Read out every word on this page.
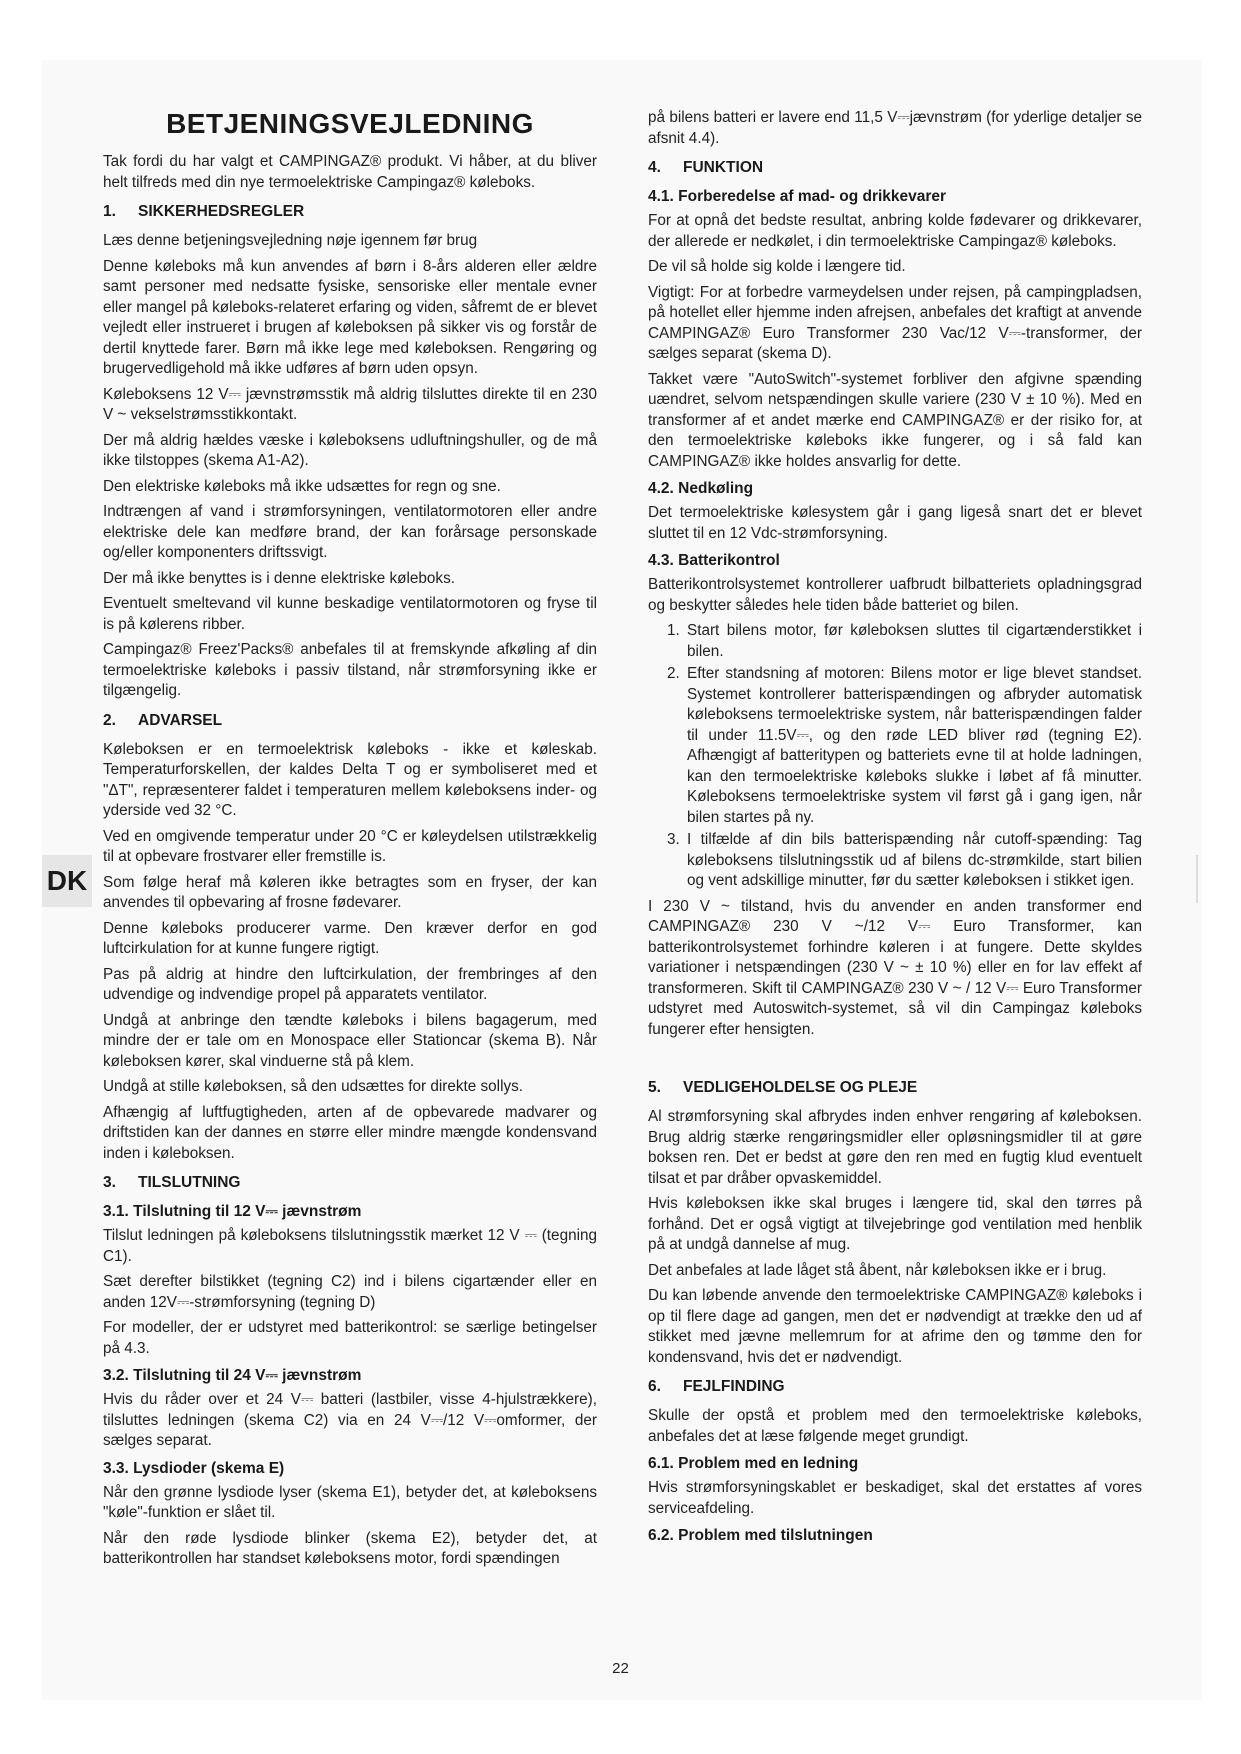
DK
BETJENINGSVEJLEDNING

Tak fordi du har valgt et CAMPINGAZ® produkt. Vi håber, at du bliver helt tilfreds med din nye termoelektriske Campingaz® køleboks.

1. SIKKERHEDSREGLER

Læs denne betjeningsvejledning nøje igennem før brug

Denne køleboks må kun anvendes af børn i 8-års alderen eller ældre samt personer med nedsatte fysiske, sensoriske eller mentale evner eller mangel på køleboks-relateret erfaring og viden, såfremt de er blevet vejledt eller instrueret i brugen af køleboksen på sikker vis og forstår de dertil knyttede farer. Børn må ikke lege med køleboksen. Rengøring og brugervedligehold må ikke udføres af børn uden opsyn.

Køleboksens 12 V⎓ jævnstrømsstik må aldrig tilsluttes direkte til en 230 V ~ vekselstrømsstikkontakt.

Der må aldrig hældes væske i køleboksens udluftningshuller, og de må ikke tilstoppes (skema A1-A2).

Den elektriske køleboks må ikke udsættes for regn og sne.

Indtrængen af vand i strømforsyningen, ventilatormotoren eller andre elektriske dele kan medføre brand, der kan forårsage personskade og/eller komponenters driftssvigt.

Der må ikke benyttes is i denne elektriske køleboks.

Eventuelt smeltevand vil kunne beskadige ventilatormotoren og fryse til is på kølerens ribber.

Campingaz® Freez'Packs® anbefales til at fremskynde afkøling af din termoelektriske køleboks i passiv tilstand, når strømforsyning ikke er tilgængelig.

2. ADVARSEL

Køleboksen er en termoelektrisk køleboks - ikke et køleskab. Temperaturforskellen, der kaldes Delta T og er symboliseret med et "ΔT", repræsenterer faldet i temperaturen mellem køleboksens inder- og yderside ved 32 °C.

Ved en omgivende temperatur under 20 °C er køleydelsen utilstrækkelig til at opbevare frostvarer eller fremstille is.

Som følge heraf må køleren ikke betragtes som en fryser, der kan anvendes til opbevaring af frosne fødevarer.

Denne køleboks producerer varme. Den kræver derfor en god luftcirkulation for at kunne fungere rigtigt.

Pas på aldrig at hindre den luftcirkulation, der frembringes af den udvendige og indvendige propel på apparatets ventilator.

Undgå at anbringe den tændte køleboks i bilens bagagerum, med mindre der er tale om en Monospace eller Stationcar (skema B). Når køleboksen kører, skal vinduerne stå på klem.

Undgå at stille køleboksen, så den udsættes for direkte sollys.

Afhængig af luftfugtigheden, arten af de opbevarede madvarer og driftstiden kan der dannes en større eller mindre mængde kondensvand inden i køleboksen.

3. TILSLUTNING
3.1. Tilslutning til 12 V⎓ jævnstrøm

Tilslut ledningen på køleboksens tilslutningsstik mærket 12 V ⎓ (tegning C1).

Sæt derefter bilstikket (tegning C2) ind i bilens cigartænder eller en anden 12V⎓-strømforsyning (tegning D)

For modeller, der er udstyret med batterikontrol: se særlige betingelser på 4.3.

3.2. Tilslutning til 24 V⎓ jævnstrøm

Hvis du råder over et 24 V⎓ batteri (lastbiler, visse 4-hjulstrækkere), tilsluttes ledningen (skema C2) via en 24 V⎓/12 V⎓omformer, der sælges separat.

3.3. Lysdioder (skema E)

Når den grønne lysdiode lyser (skema E1), betyder det, at køleboksens "køle"-funktion er slået til.

Når den røde lysdiode blinker (skema E2), betyder det, at batterikontrollen har standset køleboksens motor, fordi spændingen

på bilens batteri er lavere end 11,5 V⎓jævnstrøm (for yderlige detaljer se afsnit 4.4).

4. FUNKTION
4.1. Forberedelse af mad- og drikkevarer

For at opnå det bedste resultat, anbring kolde fødevarer og drikkevarer, der allerede er nedkølet, i din termoelektriske Campingaz® køleboks.

De vil så holde sig kolde i længere tid.

Vigtigt: For at forbedre varmeydelsen under rejsen, på campingpladsen, på hotellet eller hjemme inden afrejsen, anbefales det kraftigt at anvende CAMPINGAZ® Euro Transformer 230 Vac/12 V⎓-transformer, der sælges separat (skema D).

Takket være "AutoSwitch"-systemet forbliver den afgivne spænding uændret, selvom netspændingen skulle variere (230 V ± 10 %). Med en transformer af et andet mærke end CAMPINGAZ® er der risiko for, at den termoelektriske køleboks ikke fungerer, og i så fald kan CAMPINGAZ® ikke holdes ansvarlig for dette.

4.2. Nedkøling

Det termoelektriske kølesystem går i gang ligeså snart det er blevet sluttet til en 12 Vdc-strømforsyning.

4.3. Batterikontrol

Batterikontrolsystemet kontrollerer uafbrudt bilbatteriets opladningsgrad og beskytter således hele tiden både batteriet og bilen.

1. Start bilens motor, før køleboksen sluttes til cigartænderstikket i bilen.
2. Efter standsning af motoren: Bilens motor er lige blevet standset. Systemet kontrollerer batterispændingen og afbryder automatisk køleboksens termoelektriske system, når batterispændingen falder til under 11.5V⎓, og den røde LED bliver rød (tegning E2). Afhængigt af batteritypen og batteriets evne til at holde ladningen, kan den termoelektriske køleboks slukke i løbet af få minutter. Køleboksens termoelektriske system vil først gå i gang igen, når bilen startes på ny.
3. I tilfælde af din bils batterispænding når cutoff-spænding: Tag køleboksens tilslutningsstik ud af bilens dc-strømkilde, start bilien og vent adskillige minutter, før du sætter køleboksen i stikket igen.

I 230 V ~ tilstand, hvis du anvender en anden transformer end CAMPINGAZ® 230 V ~/12 V⎓ Euro Transformer, kan batterikontrolsystemet forhindre køleren i at fungere. Dette skyldes variationer i netspændingen (230 V ~ ± 10 %) eller en for lav effekt af transformeren. Skift til CAMPINGAZ® 230 V ~ / 12 V⎓ Euro Transformer udstyret med Autoswitch-systemet, så vil din Campingaz køleboks fungerer efter hensigten.

5. VEDLIGEHOLDELSE OG PLEJE

Al strømforsyning skal afbrydes inden enhver rengøring af køleboksen. Brug aldrig stærke rengøringsmidler eller opløsningsmidler til at gøre boksen ren. Det er bedst at gøre den ren med en fugtig klud eventuelt tilsat et par dråber opvaskemiddel.

Hvis køleboksen ikke skal bruges i længere tid, skal den tørres på forhånd. Det er også vigtigt at tilvejebringe god ventilation med henblik på at undgå dannelse af mug.

Det anbefales at lade låget stå åbent, når køleboksen ikke er i brug.

Du kan løbende anvende den termoelektriske CAMPINGAZ® køleboks i op til flere dage ad gangen, men det er nødvendigt at trække den ud af stikket med jævne mellemrum for at afrime den og tømme den for kondensvand, hvis det er nødvendigt.

6. FEJLFINDING

Skulle der opstå et problem med den termoelektriske køleboks, anbefales det at læse følgende meget grundigt.

6.1. Problem med en ledning

Hvis strømforsyningskablet er beskadiget, skal det erstattes af vores serviceafdeling.

6.2. Problem med tilslutningen
22
